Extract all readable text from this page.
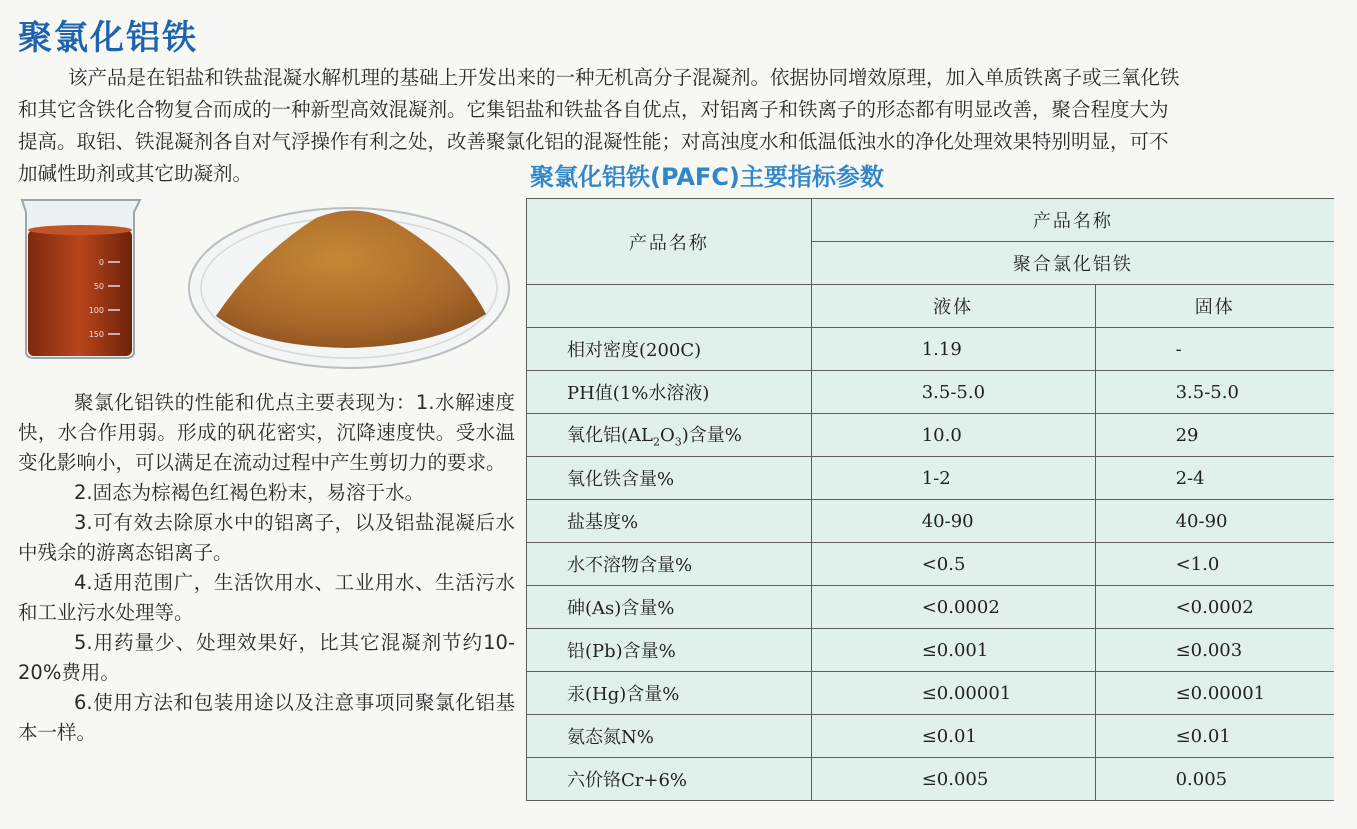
聚氯化铝铁
该产品是在铝盐和铁盐混凝水解机理的基础上开发出来的一种无机高分子混凝剂。依据协同增效原理，加入单质铁离子或三氧化铁
和其它含铁化合物复合而成的一种新型高效混凝剂。它集铝盐和铁盐各自优点，对铝离子和铁离子的形态都有明显改善，聚合程度大为
提高。取铝、铁混凝剂各自对气浮操作有利之处，改善聚氯化铝的混凝性能；对高浊度水和低温低浊水的净化处理效果特别明显，可不
加碱性助剂或其它助凝剂。	聚氯化铝铁(PAFC)主要指标参数
0
50
100
150

聚氯化铝铁的性能和优点主要表现为：1.水解速度快，水合作用弱。形成的矾花密实，沉降速度快。受水温变化影响小，可以满足在流动过程中产生剪切力的要求。

2.固态为棕褐色红褐色粉末，易溶于水。

3.可有效去除原水中的铝离子，以及铝盐混凝后水中残余的游离态铝离子。

4.适用范围广，生活饮用水、工业用水、生活污水和工业污水处理等。

5.用药量少、处理效果好，比其它混凝剂节约10-20%费用。

6.使用方法和包装用途以及注意事项同聚氯化铝基本一样。

产品名称	产品名称	
	聚合氯化铝铁	
	液体	固体
相对密度(200C)	1.19	-
PH值(1%水溶液)	3.5-5.0	3.5-5.0
氧化铝$(AL_2O_3)$含量%	10.0	29
氧化铁含量%	1-2	2-4
盐基度%	40-90	40-90
水不溶物含量%	<0.5	<1.0
砷(As)含量%	<0.0002	<0.0002
铅(Pb)含量%	≤0.001	≤0.003
汞(Hg)含量%	≤0.00001	≤0.00001
氨态氮N%	≤0.01	≤0.01
六价铬Cr+6%	≤0.005	0.005
